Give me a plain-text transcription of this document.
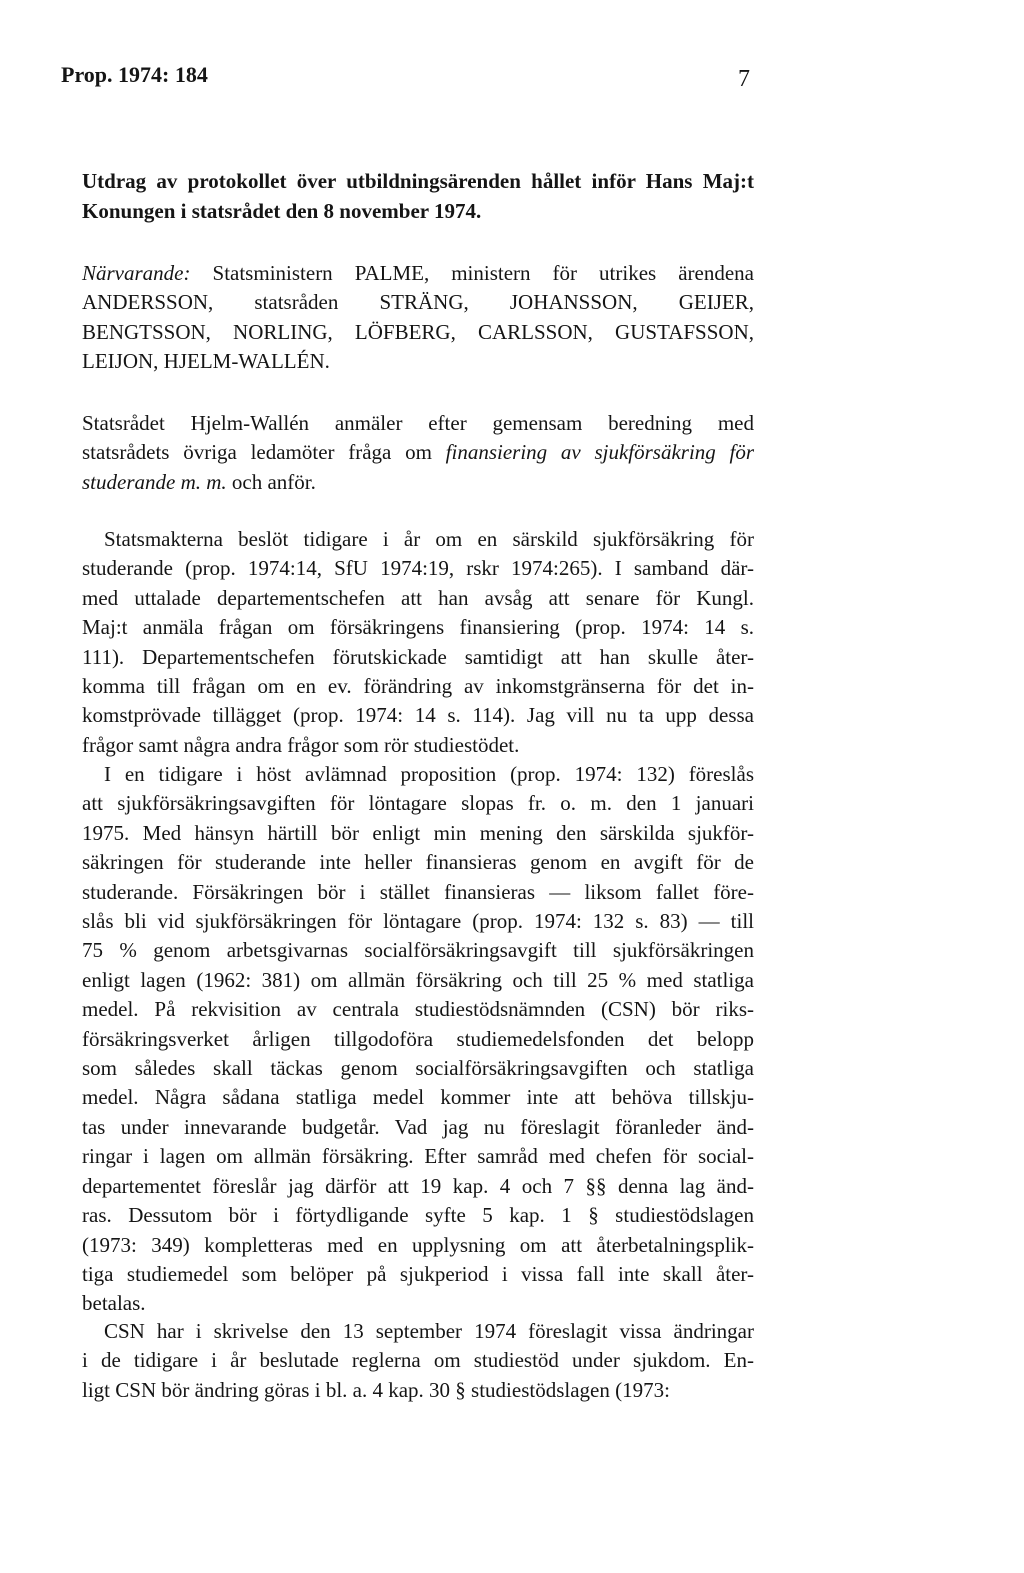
Prop. 1974: 184	7
Utdrag av protokollet över utbildningsärenden hållet inför Hans Maj:t
Konungen i statsrådet den 8 november 1974.
Närvarande: Statsministern PALME, ministern för utrikes ärendena
ANDERSSON, statsråden STRÄNG, JOHANSSON, GEIJER,
BENGTSSON, NORLING, LÖFBERG, CARLSSON, GUSTAFSSON,
LEIJON, HJELM-WALLÉN.
Statsrådet Hjelm-Wallén anmäler efter gemensam beredning med
statsrådets övriga ledamöter fråga om finansiering av sjukförsäkring för
studerande m. m. och anför.
Statsmakterna beslöt tidigare i år om en särskild sjukförsäkring för
studerande (prop. 1974:14, SfU 1974:19, rskr 1974:265). I samband där-
med uttalade departementschefen att han avsåg att senare för Kungl.
Maj:t anmäla frågan om försäkringens finansiering (prop. 1974: 14 s.
111). Departementschefen förutskickade samtidigt att han skulle åter-
komma till frågan om en ev. förändring av inkomstgränserna för det in-
komstprövade tillägget (prop. 1974: 14 s. 114). Jag vill nu ta upp dessa
frågor samt några andra frågor som rör studiestödet.
I en tidigare i höst avlämnad proposition (prop. 1974: 132) föreslås
att sjukförsäkringsavgiften för löntagare slopas fr. o. m. den 1 januari
1975. Med hänsyn härtill bör enligt min mening den särskilda sjukför-
säkringen för studerande inte heller finansieras genom en avgift för de
studerande. Försäkringen bör i stället finansieras — liksom fallet före-
slås bli vid sjukförsäkringen för löntagare (prop. 1974: 132 s. 83) — till
75 % genom arbetsgivarnas socialförsäkringsavgift till sjukförsäkringen
enligt lagen (1962: 381) om allmän försäkring och till 25 % med statliga
medel. På rekvisition av centrala studiestödsnämnden (CSN) bör riks-
försäkringsverket årligen tillgodoföra studiemedelsfonden det belopp
som således skall täckas genom socialförsäkringsavgiften och statliga
medel. Några sådana statliga medel kommer inte att behöva tillskju-
tas under innevarande budgetår. Vad jag nu föreslagit föranleder änd-
ringar i lagen om allmän försäkring. Efter samråd med chefen för social-
departementet föreslår jag därför att 19 kap. 4 och 7 §§ denna lag änd-
ras. Dessutom bör i förtydligande syfte 5 kap. 1 § studiestödslagen
(1973: 349) kompletteras med en upplysning om att återbetalningsplik-
tiga studiemedel som belöper på sjukperiod i vissa fall inte skall åter-
betalas.
CSN har i skrivelse den 13 september 1974 föreslagit vissa ändringar
i de tidigare i år beslutade reglerna om studiestöd under sjukdom. En-
ligt CSN bör ändring göras i bl. a. 4 kap. 30 § studiestödslagen (1973:
